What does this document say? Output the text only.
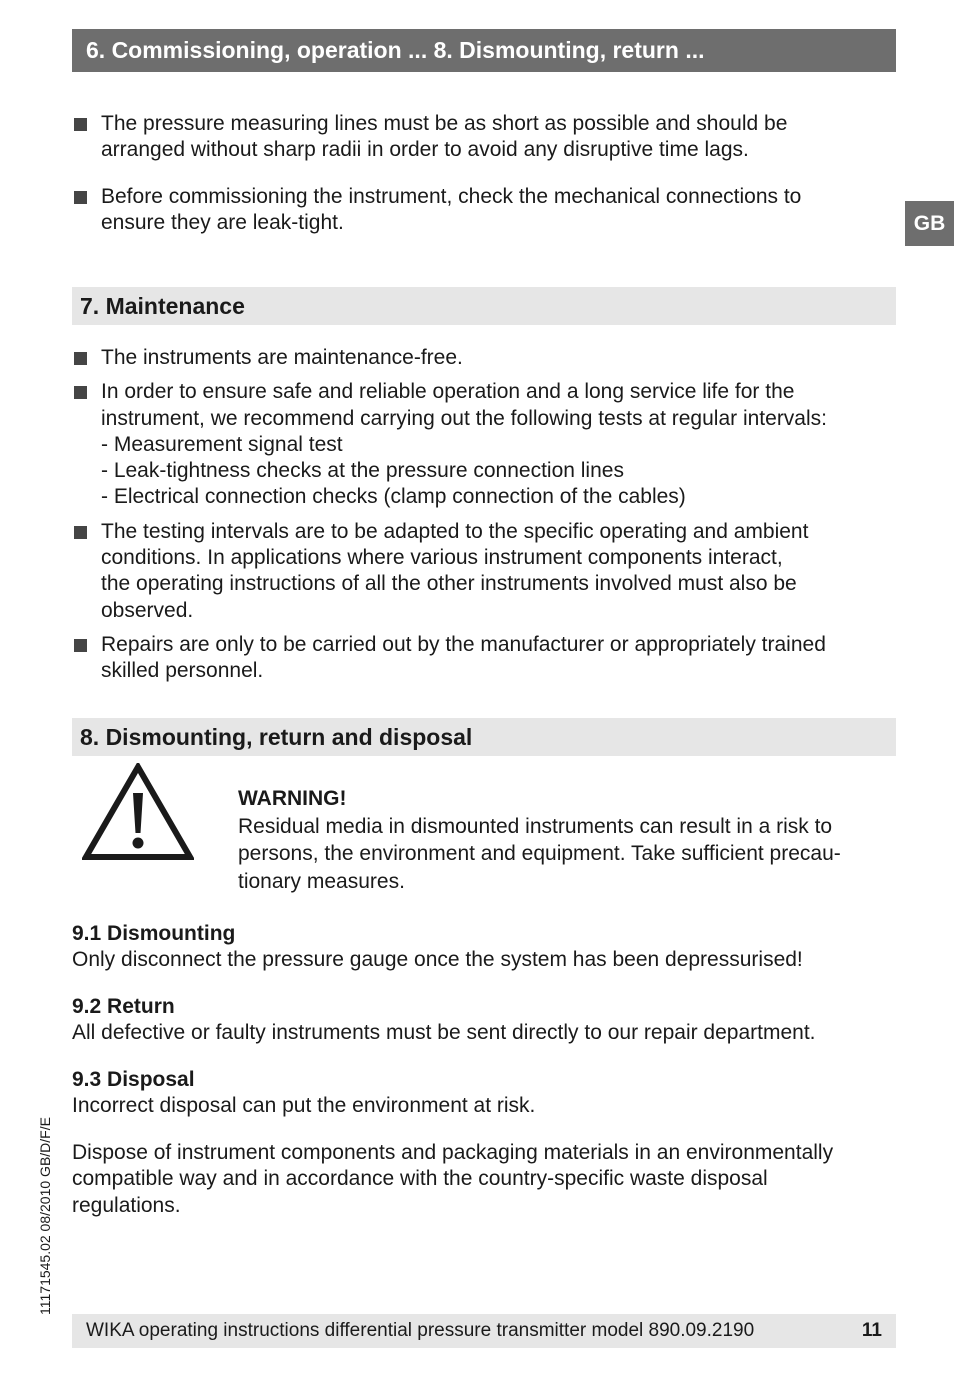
6. Commissioning, operation ... 8. Dismounting, return ...
GB
The pressure measuring lines must be as short as possible and should be
arranged without sharp radii in order to avoid any disruptive time lags.
Before commissioning the instrument, check the mechanical connections to
ensure they are leak-tight.
7. Maintenance
The instruments are maintenance-free.
In order to ensure safe and reliable operation and a long service life for the
instrument, we recommend carrying out the following tests at regular intervals:
- Measurement signal test
- Leak-tightness checks at the pressure connection lines
- Electrical connection checks (clamp connection of the cables)
The testing intervals are to be adapted to the specific operating and ambient
conditions. In applications where various instrument components interact,
the operating instructions of all the other instruments involved must also be
observed.
Repairs are only to be carried out by the manufacturer or appropriately trained
skilled personnel.
8. Dismounting, return and disposal
WARNING!
Residual media in dismounted instruments can result in a risk to
persons, the environment and equipment. Take sufficient precau-
tionary measures.

9.1 Dismounting
Only disconnect the pressure gauge once the system has been depressurised!

9.2 Return
All defective or faulty instruments must be sent directly to our repair department.

9.3 Disposal
Incorrect disposal can put the environment at risk.

Dispose of instrument components and packaging materials in an environmentally
compatible way and in accordance with the country-specific waste disposal
regulations.

11171545.02 08/2010 GB/D/F/E
WIKA operating instructions differential pressure transmitter model 890.09.2190	11
